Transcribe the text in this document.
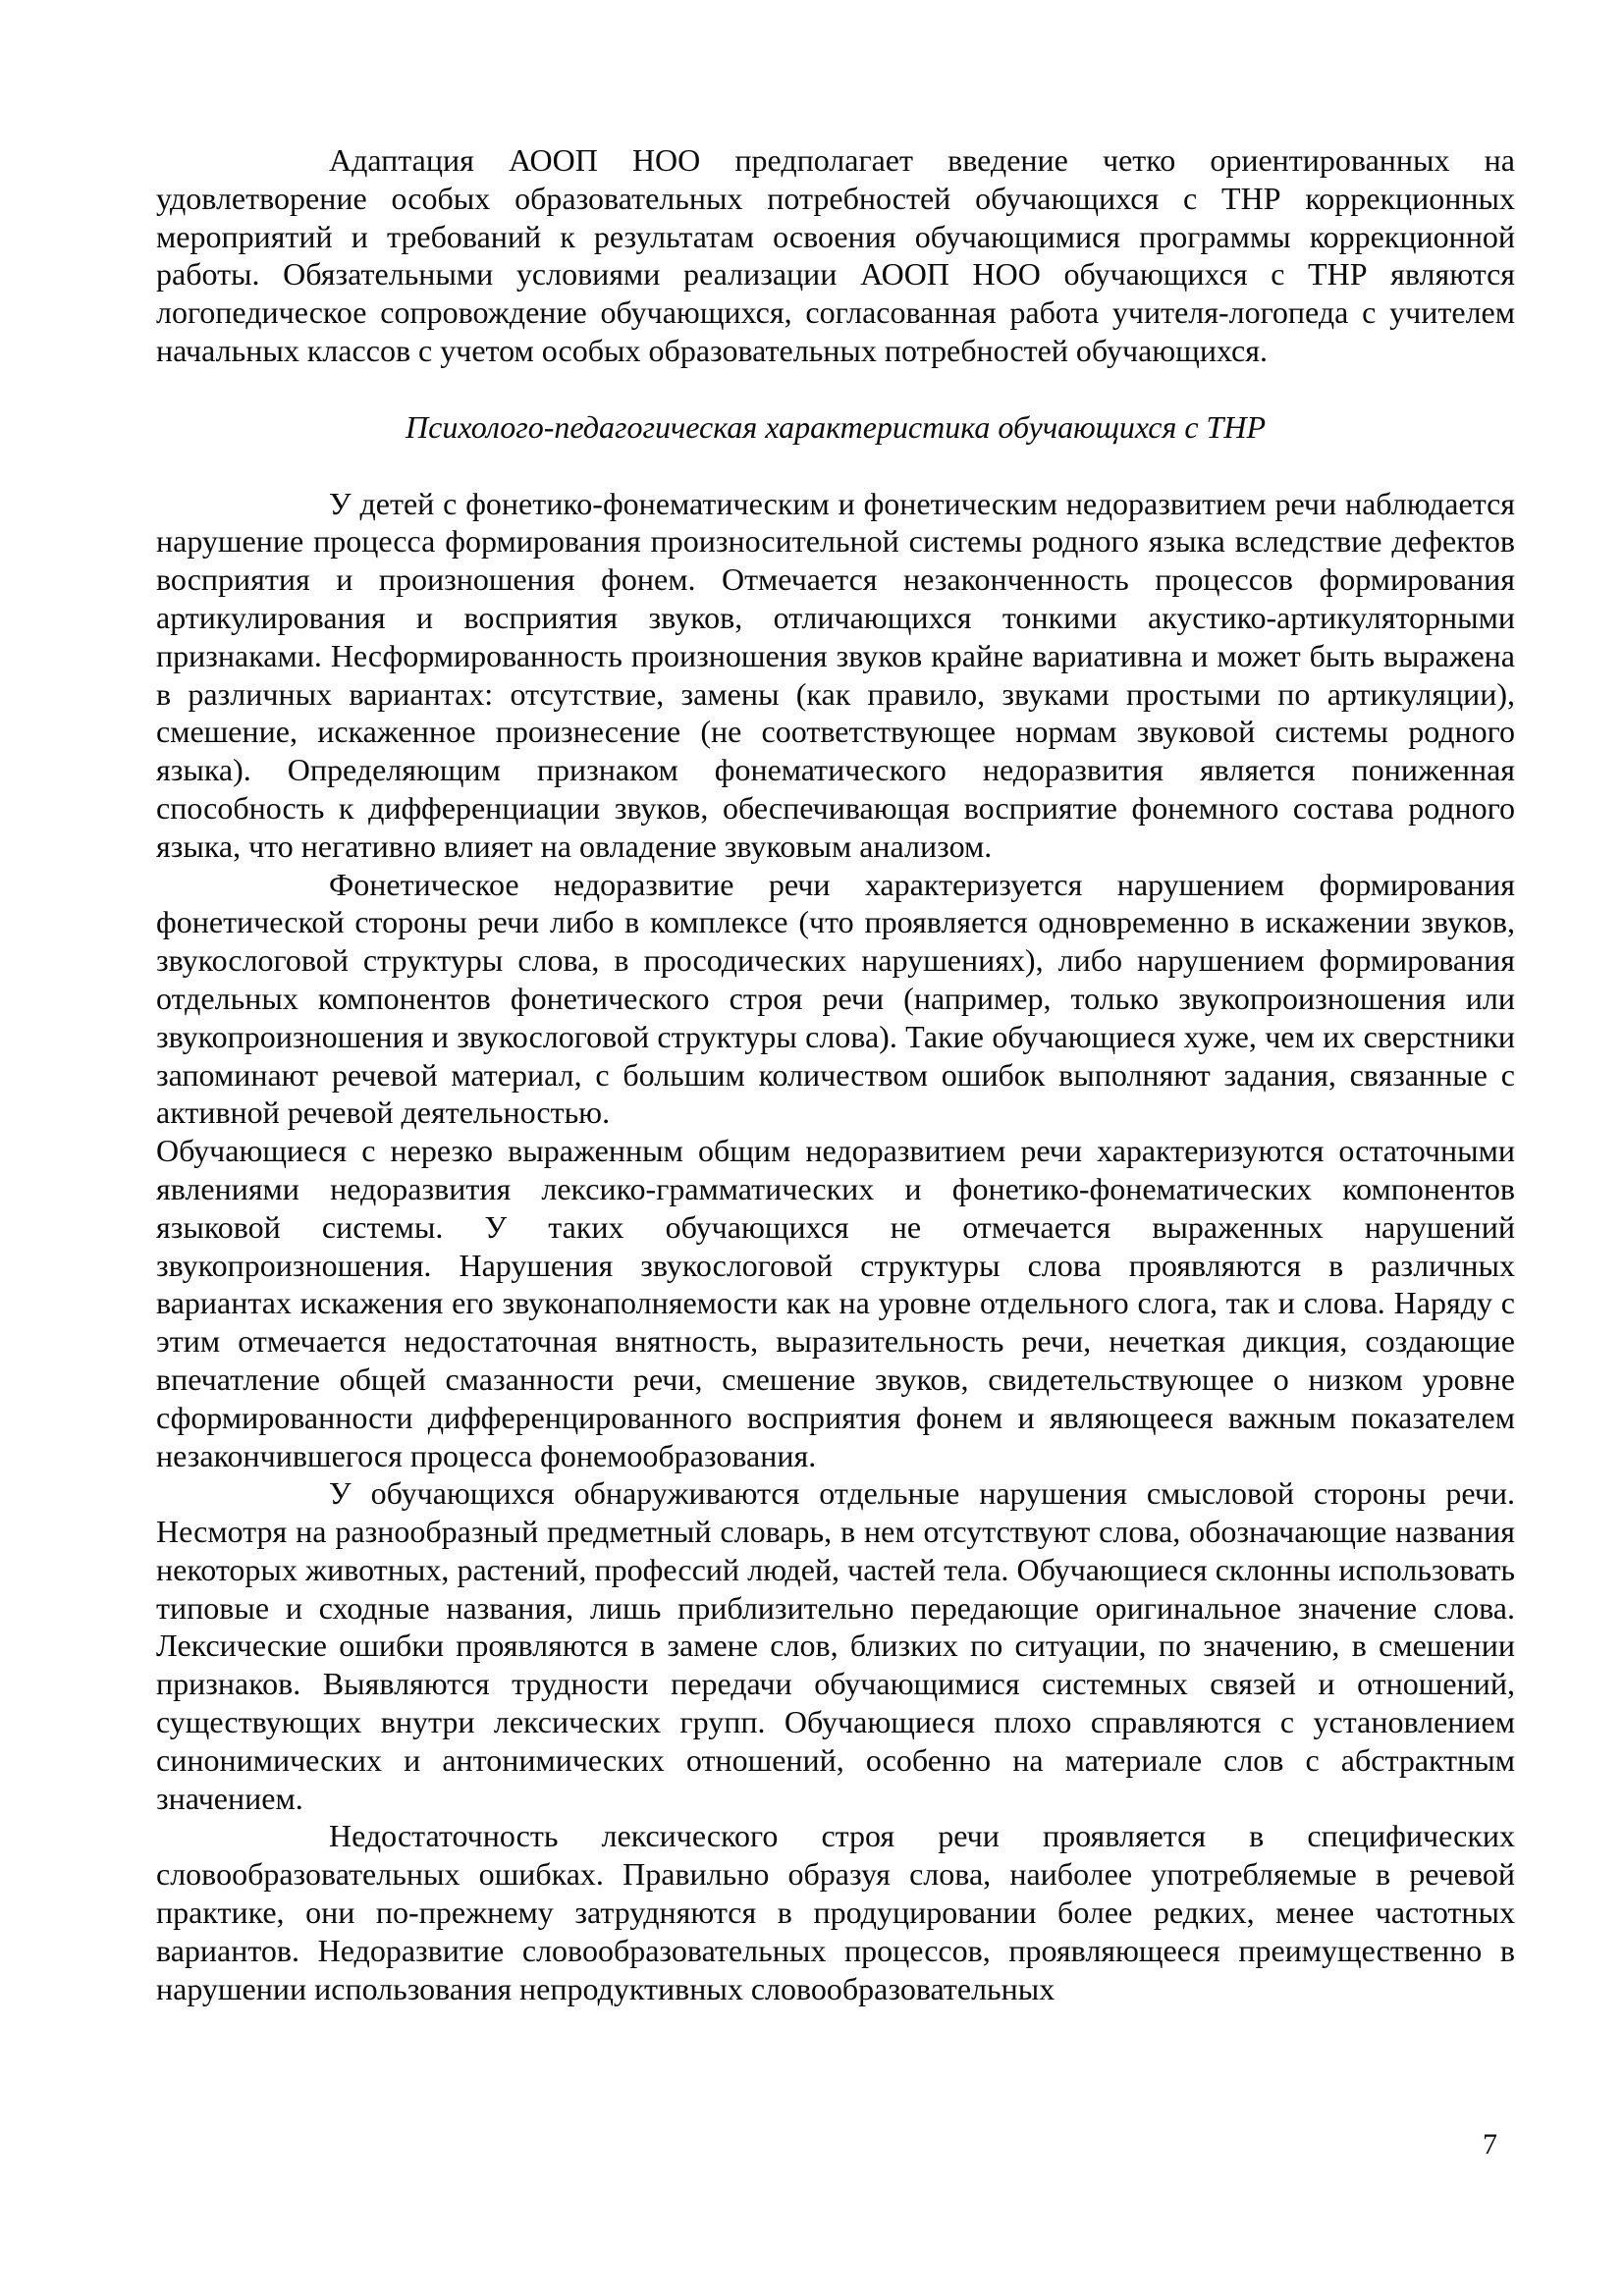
Адаптация АООП НОО предполагает введение четко ориентированных на удовлетворение особых образовательных потребностей обучающихся с ТНР коррекционных мероприятий и требований к результатам освоения обучающимися программы коррекционной работы. Обязательными условиями реализации АООП НОО обучающихся с ТНР являются логопедическое сопровождение обучающихся, согласованная работа учителя-логопеда с учителем начальных классов с учетом особых образовательных потребностей обучающихся.

Психолого-педагогическая характеристика обучающихся с ТНР

У детей с фонетико-фонематическим и фонетическим недоразвитием речи наблюдается нарушение процесса формирования произносительной системы родного языка вследствие дефектов восприятия и произношения фонем. Отмечается незаконченность процессов формирования артикулирования и восприятия звуков, отличающихся тонкими акустико-артикуляторными признаками. Несформированность произношения звуков крайне вариативна и может быть выражена в различных вариантах: отсутствие, замены (как правило, звуками простыми по артикуляции), смешение, искаженное произнесение (не соответствующее нормам звуковой системы родного языка). Определяющим признаком фонематического недоразвития является пониженная способность к дифференциации звуков, обеспечивающая восприятие фонемного состава родного языка, что негативно влияет на овладение звуковым анализом.

Фонетическое недоразвитие речи характеризуется нарушением формирования фонетической стороны речи либо в комплексе (что проявляется одновременно в искажении звуков, звукослоговой структуры слова, в просодических нарушениях), либо нарушением формирования отдельных компонентов фонетического строя речи (например, только звукопроизношения или звукопроизношения и звукослоговой структуры слова). Такие обучающиеся хуже, чем их сверстники запоминают речевой материал, с большим количеством ошибок выполняют задания, связанные с активной речевой деятельностью.

Обучающиеся с нерезко выраженным общим недоразвитием речи характеризуются остаточными явлениями недоразвития лексико-грамматических и фонетико-фонематических компонентов языковой системы. У таких обучающихся не отмечается выраженных нарушений звукопроизношения. Нарушения звукослоговой структуры слова проявляются в различных вариантах искажения его звуконаполняемости как на уровне отдельного слога, так и слова. Наряду с этим отмечается недостаточная внятность, выразительность речи, нечеткая дикция, создающие впечатление общей смазанности речи, смешение звуков, свидетельствующее о низком уровне сформированности дифференцированного восприятия фонем и являющееся важным показателем незакончившегося процесса фонемообразования.

У обучающихся обнаруживаются отдельные нарушения смысловой стороны речи. Несмотря на разнообразный предметный словарь, в нем отсутствуют слова, обозначающие названия некоторых животных, растений, профессий людей, частей тела. Обучающиеся склонны использовать типовые и сходные названия, лишь приблизительно передающие оригинальное значение слова. Лексические ошибки проявляются в замене слов, близких по ситуации, по значению, в смешении признаков. Выявляются трудности передачи обучающимися системных связей и отношений, существующих внутри лексических групп. Обучающиеся плохо справляются с установлением синонимических и антонимических отношений, особенно на материале слов с абстрактным значением.

Недостаточность лексического строя речи проявляется в специфических словообразовательных ошибках. Правильно образуя слова, наиболее употребляемые в речевой практике, они по-прежнему затрудняются в продуцировании более редких, менее частотных вариантов. Недоразвитие словообразовательных процессов, проявляющееся преимущественно в нарушении использования непродуктивных словообразовательных

7
